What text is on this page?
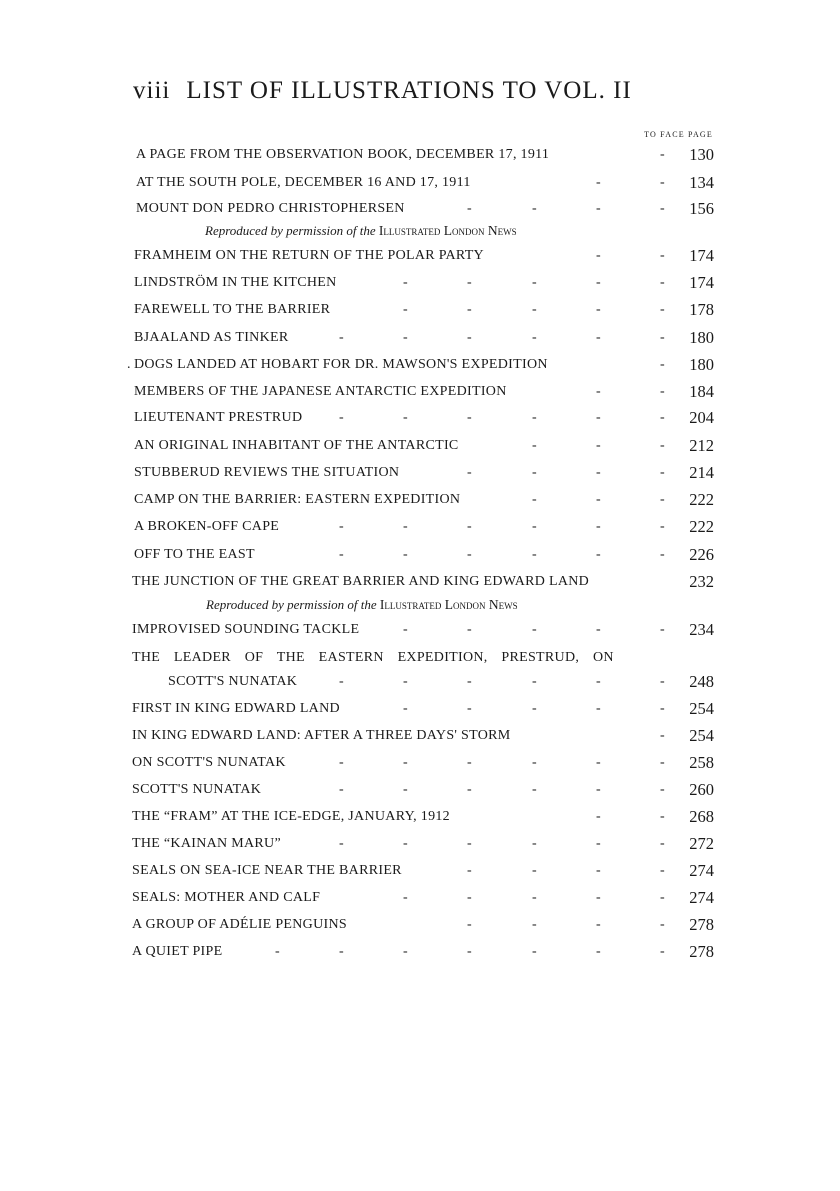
viii LIST OF ILLUSTRATIONS TO VOL. II
TO FACE PAGE
A PAGE FROM THE OBSERVATION BOOK, DECEMBER 17, 1911	-	130
AT THE SOUTH POLE, DECEMBER 16 AND 17, 1911	-	-	134
MOUNT DON PEDRO CHRISTOPHERSEN	-	-	-	-	156
Reproduced by permission of the Illustrated London News
FRAMHEIM ON THE RETURN OF THE POLAR PARTY	-	-	174
LINDSTRÖM IN THE KITCHEN	-	-	-	-	-	174
FAREWELL TO THE BARRIER	-	-	-	-	-	178
BJAALAND AS TINKER	-	-	-	-	-	-	180
. DOGS LANDED AT HOBART FOR DR. MAWSON'S EXPEDITION	-	180
MEMBERS OF THE JAPANESE ANTARCTIC EXPEDITION	-	-	184
LIEUTENANT PRESTRUD	-	-	-	-	-	-	204
AN ORIGINAL INHABITANT OF THE ANTARCTIC	-	-	-	212
STUBBERUD REVIEWS THE SITUATION	-	-	-	-	214
CAMP ON THE BARRIER: EASTERN EXPEDITION	-	-	-	222
A BROKEN-OFF CAPE	-	-	-	-	-	-	222
OFF TO THE EAST	-	-	-	-	-	-	226
THE JUNCTION OF THE GREAT BARRIER AND KING EDWARD LAND	232
Reproduced by permission of the Illustrated London News
IMPROVISED SOUNDING TACKLE	-	-	-	-	-	234
THE LEADER OF THE EASTERN EXPEDITION, PRESTRUD, ON
SCOTT'S NUNATAK	-	-	-	-	-	-	248
FIRST IN KING EDWARD LAND	-	-	-	-	-	254
IN KING EDWARD LAND: AFTER A THREE DAYS' STORM	-	254
ON SCOTT'S NUNATAK	-	-	-	-	-	-	258
SCOTT'S NUNATAK	-	-	-	-	-	-	260
THE “FRAM” AT THE ICE-EDGE, JANUARY, 1912	-	-	268
THE “KAINAN MARU”	-	-	-	-	-	-	272
SEALS ON SEA-ICE NEAR THE BARRIER	-	-	-	-	274
SEALS: MOTHER AND CALF	-	-	-	-	-	274
A GROUP OF ADÉLIE PENGUINS	-	-	-	-	278
A QUIET PIPE	-	-	-	-	-	-	-	278
